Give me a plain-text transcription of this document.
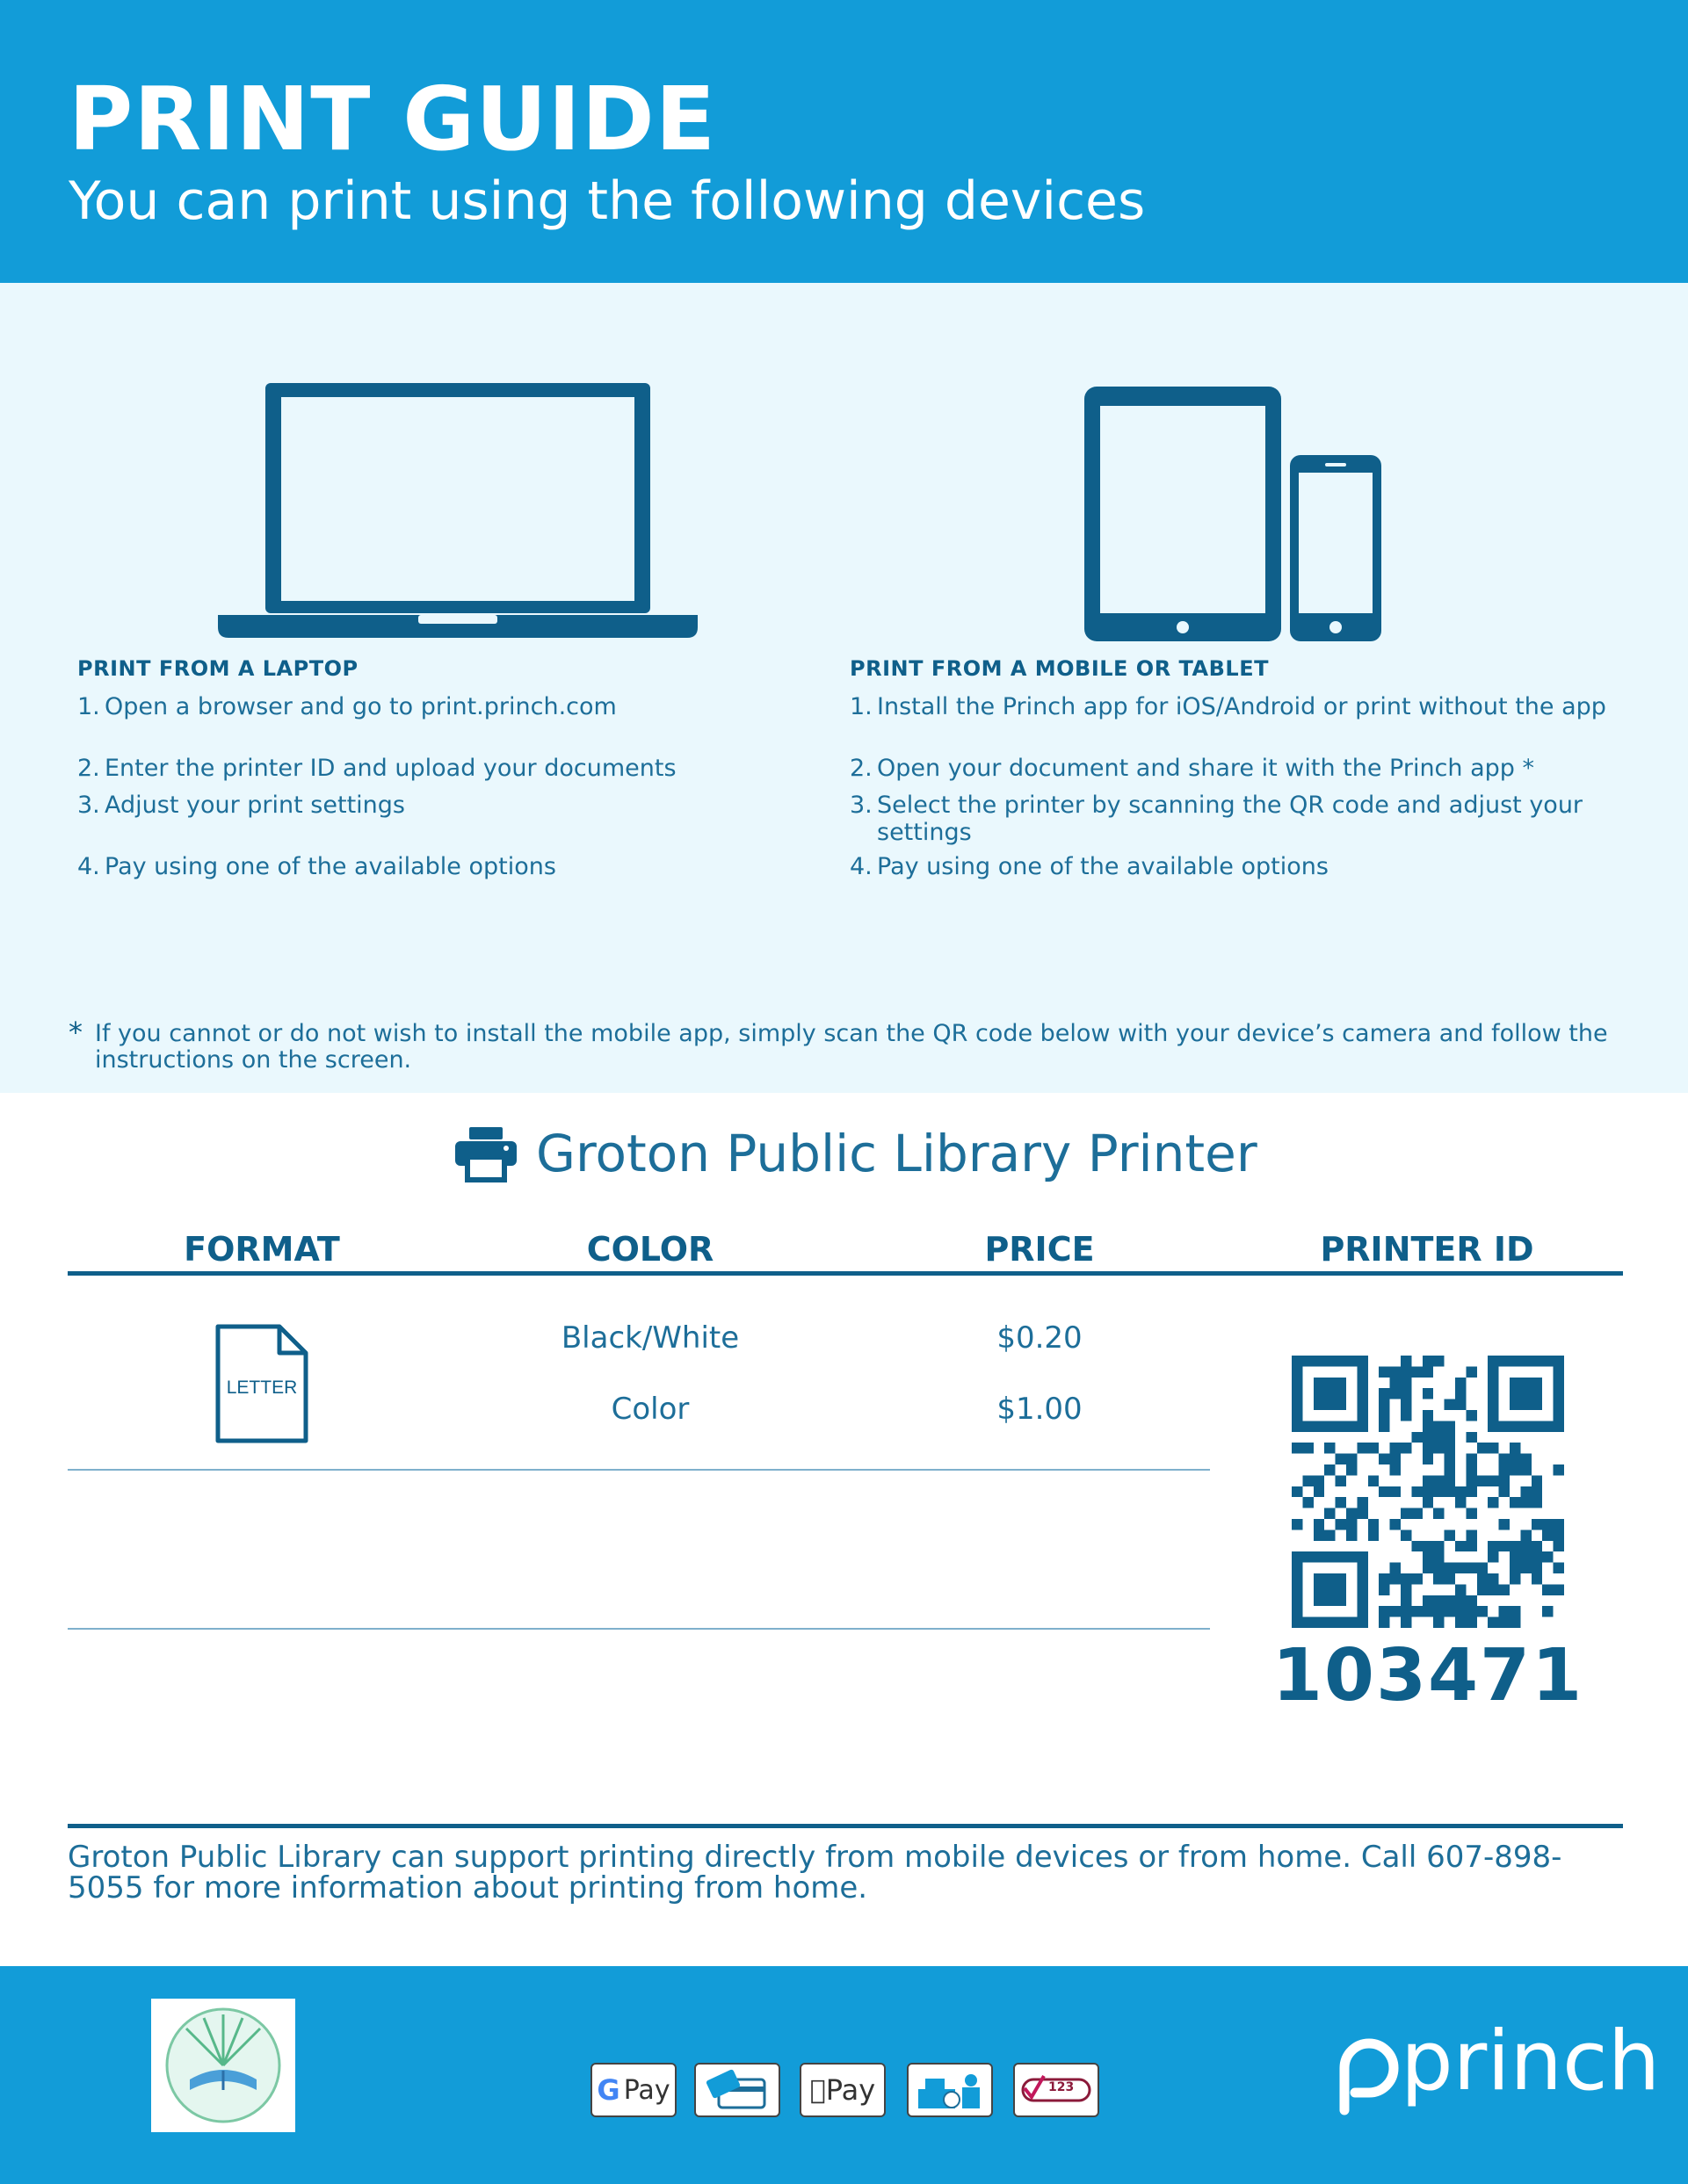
PRINT GUIDE
You can print using the following devices
PRINT FROM A LAPTOP
1. Open a browser and go to print.princh.com
2. Enter the printer ID and upload your documents
3. Adjust your print settings
4. Pay using one of the available options
PRINT FROM A MOBILE OR TABLET
1. Install the Princh app for iOS/Android or print without the app
2. Open your document and share it with the Princh app *
3. Select the printer by scanning the QR code and adjust your settings
4. Pay using one of the available options
* If you cannot or do not wish to install the mobile app, simply scan the QR code below with your device’s camera and follow the instructions on the screen.
Groton Public Library Printer
FORMAT	COLOR	PRICE	PRINTER ID
LETTER
Black/White	$0.20
Color	$1.00
103471
Groton Public Library can support printing directly from mobile devices or from home. Call 607-898-5055 for more information about printing from home.
G Pay	Pay	123	princh
